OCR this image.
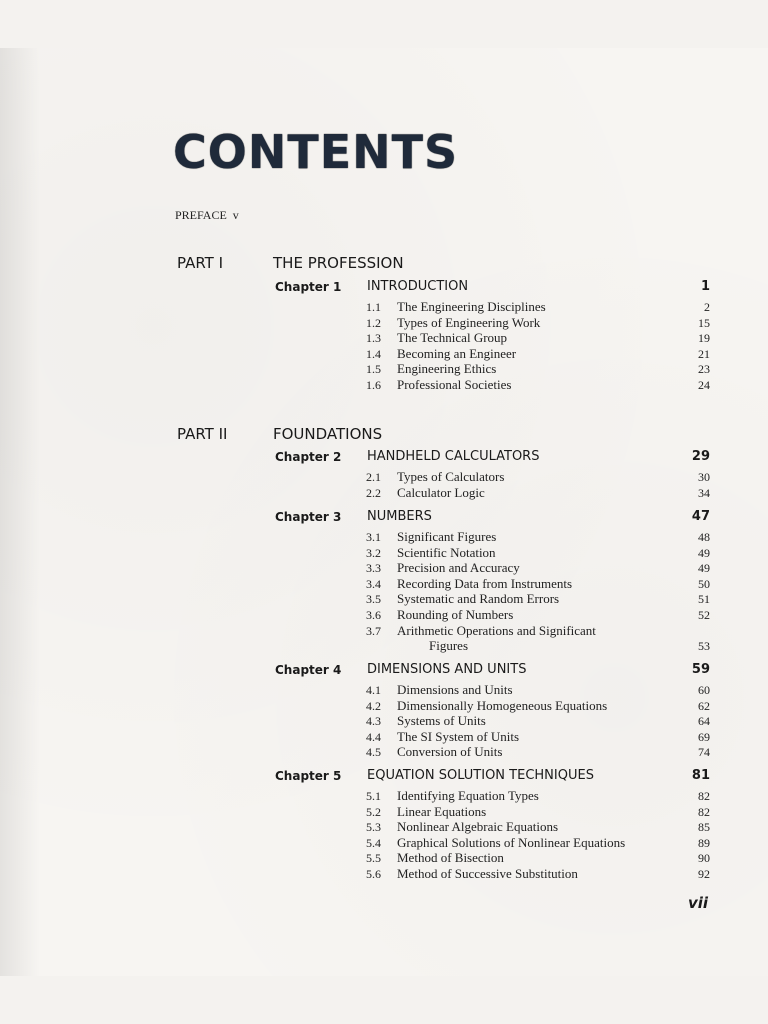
CONTENTS
PREFACE v
PART I	THE PROFESSION
Chapter 1 INTRODUCTION	1
1.1 The Engineering Disciplines	2
1.2 Types of Engineering Work	15
1.3 The Technical Group	19
1.4 Becoming an Engineer	21
1.5 Engineering Ethics	23
1.6 Professional Societies	24
PART II	FOUNDATIONS
Chapter 2 HANDHELD CALCULATORS	29
2.1 Types of Calculators	30
2.2 Calculator Logic	34
Chapter 3 NUMBERS	47
3.1 Significant Figures	48
3.2 Scientific Notation	49
3.3 Precision and Accuracy	49
3.4 Recording Data from Instruments	50
3.5 Systematic and Random Errors	51
3.6 Rounding of Numbers	52
3.7 Arithmetic Operations and Significant
Figures	53
Chapter 4 DIMENSIONS AND UNITS	59
4.1 Dimensions and Units	60
4.2 Dimensionally Homogeneous Equations	62
4.3 Systems of Units	64
4.4 The SI System of Units	69
4.5 Conversion of Units	74
Chapter 5 EQUATION SOLUTION TECHNIQUES	81
5.1 Identifying Equation Types	82
5.2 Linear Equations	82
5.3 Nonlinear Algebraic Equations	85
5.4 Graphical Solutions of Nonlinear Equations	89
5.5 Method of Bisection	90
5.6 Method of Successive Substitution	92
vii
